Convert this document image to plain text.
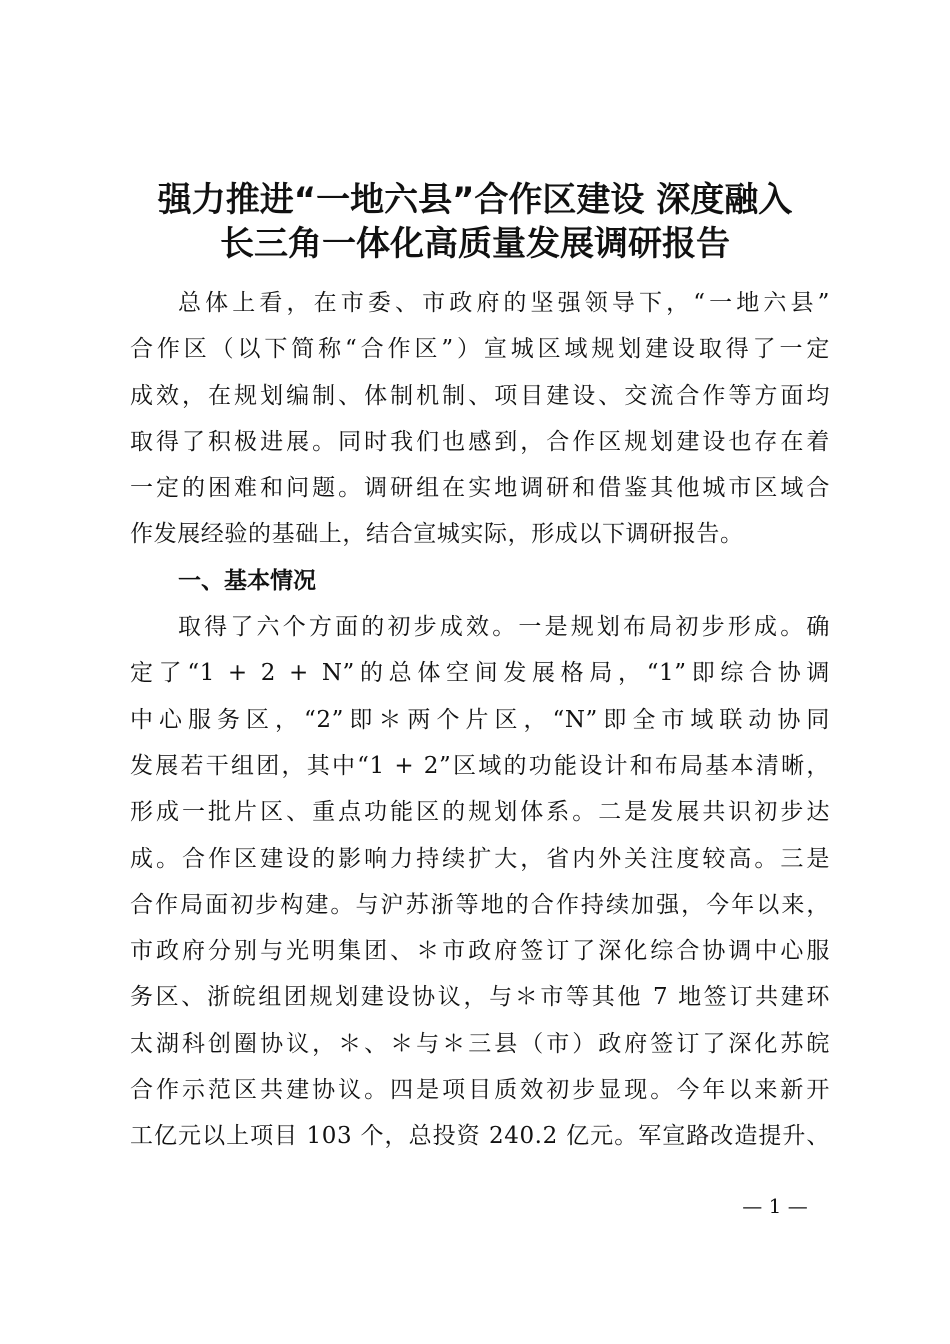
强力推进“一地六县”合作区建设 深度融入
长三角一体化高质量发展调研报告
总体上看，在市委、市政府的坚强领导下，“一地六县”
合作区（以下简称“合作区”）宣城区域规划建设取得了一定
成效，在规划编制、体制机制、项目建设、交流合作等方面均
取得了积极进展。同时我们也感到，合作区规划建设也存在着
一定的困难和问题。调研组在实地调研和借鉴其他城市区域合
作发展经验的基础上，结合宣城实际，形成以下调研报告。
一、基本情况
取得了六个方面的初步成效。一是规划布局初步形成。确
定了“1 + 2 + N”的总体空间发展格局，“1”即综合协调
中心服务区，“2”即＊两个片区，“N”即全市域联动协同
发展若干组团，其中“1 + 2”区域的功能设计和布局基本清晰，
形成一批片区、重点功能区的规划体系。二是发展共识初步达
成。合作区建设的影响力持续扩大，省内外关注度较高。三是
合作局面初步构建。与沪苏浙等地的合作持续加强，今年以来，
市政府分别与光明集团、＊市政府签订了深化综合协调中心服
务区、浙皖组团规划建设协议，与＊市等其他 7 地签订共建环
太湖科创圈协议，＊、＊与＊三县（市）政府签订了深化苏皖
合作示范区共建协议。四是项目质效初步显现。今年以来新开
工亿元以上项目 103 个，总投资 240.2 亿元。军宣路改造提升、
— 1 —
